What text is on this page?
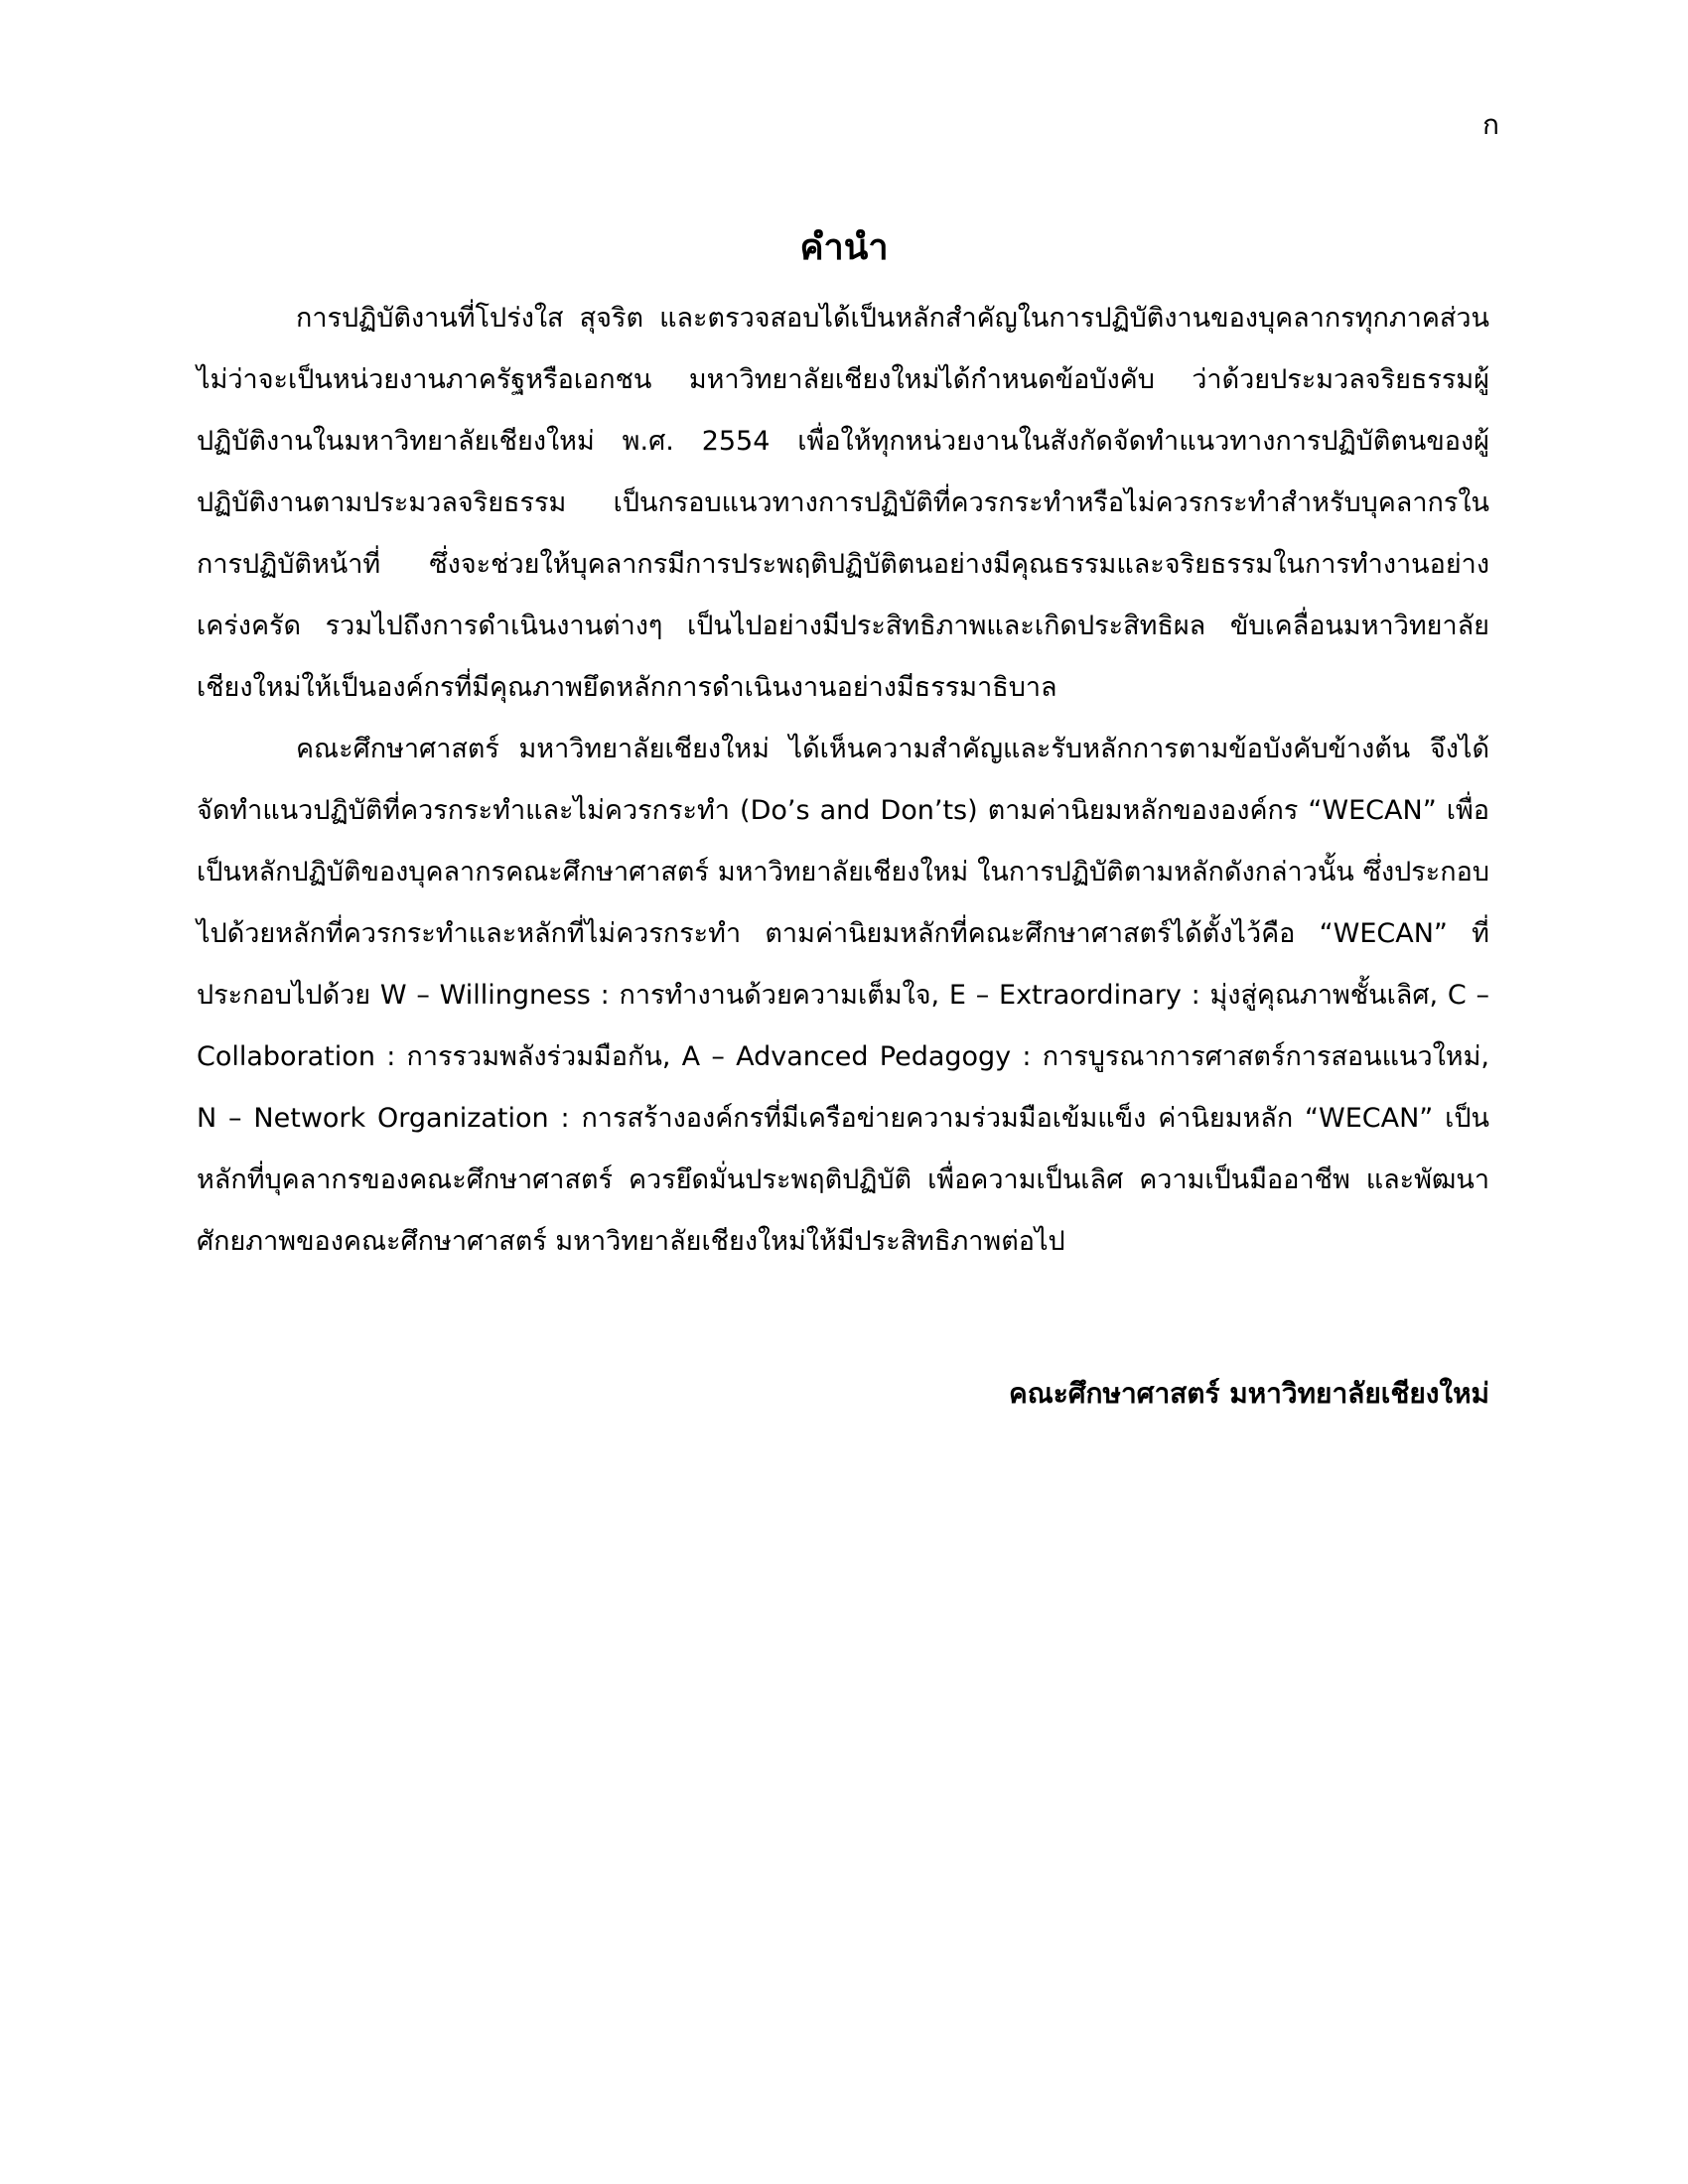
ก
คำนำ

การปฏิบัติงานที่โปร่งใส สุจริต และตรวจสอบได้เป็นหลักสำคัญในการปฏิบัติงานของบุคลากรทุกภาคส่วน ไม่ว่าจะเป็นหน่วยงานภาครัฐหรือเอกชน มหาวิทยาลัยเชียงใหม่ได้กำหนดข้อบังคับ ว่าด้วยประมวลจริยธรรมผู้ปฏิบัติงานในมหาวิทยาลัยเชียงใหม่ พ.ศ. 2554 เพื่อให้ทุกหน่วยงานในสังกัดจัดทำแนวทางการปฏิบัติตนของผู้ปฏิบัติงานตามประมวลจริยธรรม เป็นกรอบแนวทางการปฏิบัติที่ควรกระทำหรือไม่ควรกระทำสำหรับบุคลากรในการปฏิบัติหน้าที่ ซึ่งจะช่วยให้บุคลากรมีการประพฤติปฏิบัติตนอย่างมีคุณธรรมและจริยธรรมในการทำงานอย่างเคร่งครัด รวมไปถึงการดำเนินงานต่างๆ เป็นไปอย่างมีประสิทธิภาพและเกิดประสิทธิผล ขับเคลื่อนมหาวิทยาลัยเชียงใหม่ให้เป็นองค์กรที่มีคุณภาพยึดหลักการดำเนินงานอย่างมีธรรมาธิบาล

คณะศึกษาศาสตร์ มหาวิทยาลัยเชียงใหม่ ได้เห็นความสำคัญและรับหลักการตามข้อบังคับข้างต้น จึงได้จัดทำแนวปฏิบัติที่ควรกระทำและไม่ควรกระทำ (Do’s and Don’ts) ตามค่านิยมหลักขององค์กร “WECAN” เพื่อเป็นหลักปฏิบัติของบุคลากรคณะศึกษาศาสตร์ มหาวิทยาลัยเชียงใหม่ ในการปฏิบัติตามหลักดังกล่าวนั้น ซึ่งประกอบไปด้วยหลักที่ควรกระทำและหลักที่ไม่ควรกระทำ ตามค่านิยมหลักที่คณะศึกษาศาสตร์ได้ตั้งไว้คือ “WECAN” ที่ประกอบไปด้วย W – Willingness : การทำงานด้วยความเต็มใจ, E – Extraordinary : มุ่งสู่คุณภาพชั้นเลิศ, C – Collaboration : การรวมพลังร่วมมือกัน, A – Advanced Pedagogy : การบูรณาการศาสตร์การสอนแนวใหม่, N – Network Organization : การสร้างองค์กรที่มีเครือข่ายความร่วมมือเข้มแข็ง ค่านิยมหลัก “WECAN” เป็นหลักที่บุคลากรของคณะศึกษาศาสตร์ ควรยึดมั่นประพฤติปฏิบัติ เพื่อความเป็นเลิศ ความเป็นมืออาชีพ และพัฒนาศักยภาพของคณะศึกษาศาสตร์ มหาวิทยาลัยเชียงใหม่ให้มีประสิทธิภาพต่อไป

คณะศึกษาศาสตร์ มหาวิทยาลัยเชียงใหม่
